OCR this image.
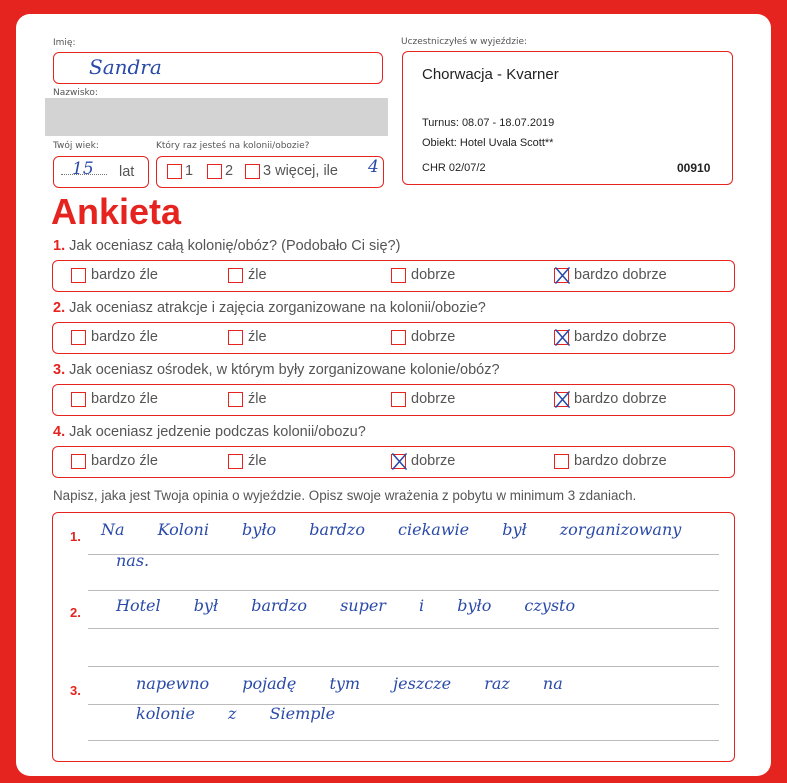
Imię:
Sandra
Nazwisko:
Twój wiek:
15 lat
Który raz jesteś na kolonii/obozie?
1 2 3 więcej, ile 4
Uczestniczyłeś w wyjeździe:
Chorwacja - Kvarner
Turnus: 08.07 - 18.07.2019
Obiekt: Hotel Uvala Scott**
CHR 02/07/2	00910
Ankieta
1. Jak oceniasz całą kolonię/obóz? (Podobało Ci się?)
bardzo źle	źle	dobrze	bardzo dobrze
2. Jak oceniasz atrakcje i zajęcia zorganizowane na kolonii/obozie?
bardzo źle	źle	dobrze	bardzo dobrze
3. Jak oceniasz ośrodek, w którym były zorganizowane kolonie/obóz?
bardzo źle	źle	dobrze	bardzo dobrze
4. Jak oceniasz jedzenie podczas kolonii/obozu?
bardzo źle	źle	dobrze	bardzo dobrze
Napisz, jaka jest Twoja opinia o wyjeździe. Opisz swoje wrażenia z pobytu w minimum 3 zdaniach.
1. Na Koloni było bardzo ciekawie był zorganizowany
nas.
2. Hotel był bardzo super i było czysto
3.	napewno pojadę tym jeszcze raz na
kolonie z Siemple
